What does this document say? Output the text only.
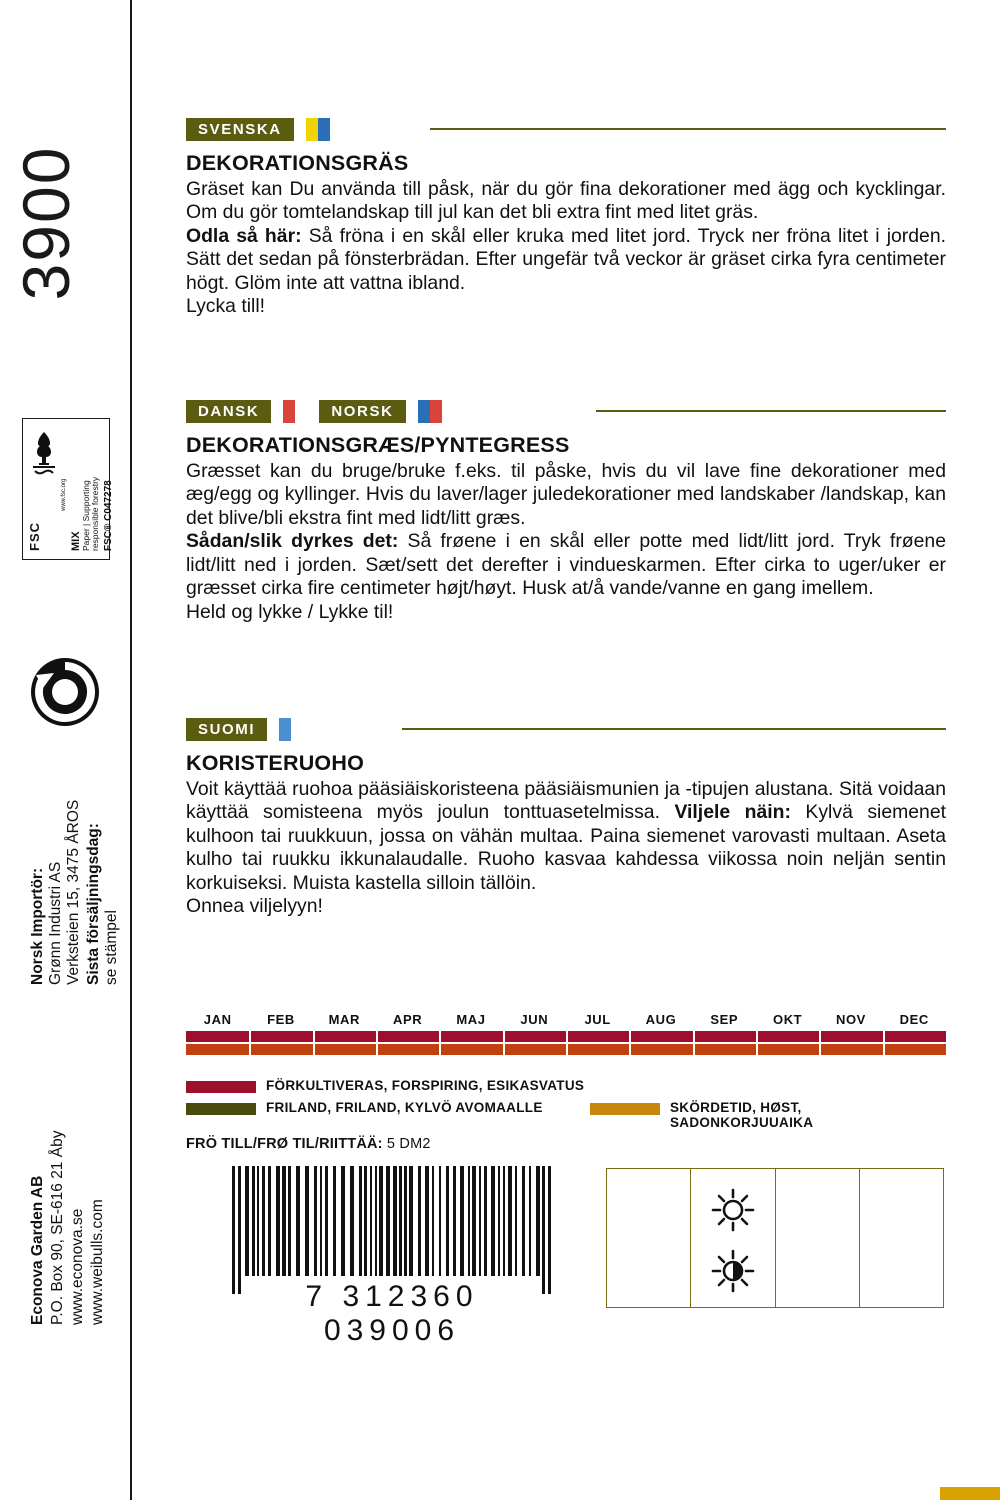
3900
FSC	MIX Paper | Supporting responsible forestry FSC® C047278
www.fsc.org
Norsk Importör: Grønn Industri AS Verksteien 15, 3475 ÅROS Sista försäljningsdag: se stämpel
Econova Garden AB P.O. Box 90, SE-616 21 Åby www.econova.se www.weibulls.com
SVENSKA
DEKORATIONSGRÄS
Gräset kan Du använda till påsk, när du gör fina dekorationer med ägg och kycklingar. Om du gör tomtelandskap till jul kan det bli extra fint med litet gräs.
Odla så här: Så fröna i en skål eller kruka med litet jord. Tryck ner fröna litet i jorden. Sätt det sedan på fönsterbrädan. Efter ungefär två veckor är gräset cirka fyra centimeter högt. Glöm inte att vattna ibland.
Lycka till!
DANSK	NORSK
DEKORATIONSGRÆS/PYNTEGRESS
Græsset kan du bruge/bruke f.eks. til påske, hvis du vil lave fine dekorationer med æg/egg og kyllinger. Hvis du laver/lager juledekorationer med landskaber /landskap, kan det blive/bli ekstra fint med lidt/litt græs.
Sådan/slik dyrkes det: Så frøene i en skål eller potte med lidt/litt jord. Tryk frøene lidt/litt ned i jorden. Sæt/sett det derefter i vindueskarmen. Efter cirka to uger/uker er græsset cirka fire centimeter højt/høyt. Husk at/å vande/vanne en gang imellem.
Held og lykke / Lykke til!
SUOMI
KORISTERUOHO
Voit käyttää ruohoa pääsiäiskoristeena pääsiäismunien ja -tipujen alustana. Sitä voidaan käyttää somisteena myös joulun tonttuasetelmissa. Viljele näin: Kylvä siemenet kulhoon tai ruukkuun, jossa on vähän multaa. Paina siemenet varovasti multaan. Aseta kulho tai ruukku ikkunalaudalle. Ruoho kasvaa kahdessa viikossa noin neljän sentin korkuiseksi. Muista kastella silloin tällöin.
Onnea viljelyyn!
JAN	FEB	MAR	APR	MAJ	JUN	JUL	AUG	SEP	OKT	NOV	DEC
FÖRKULTIVERAS, FORSPIRING, ESIKASVATUS
FRILAND, FRILAND, KYLVÖ AVOMAALLE	SKÖRDETID, HØST, SADONKORJUUAIKA
FRÖ TILL/FRØ TIL/RIITTÄÄ: 5 DM2
7 312360 039006
